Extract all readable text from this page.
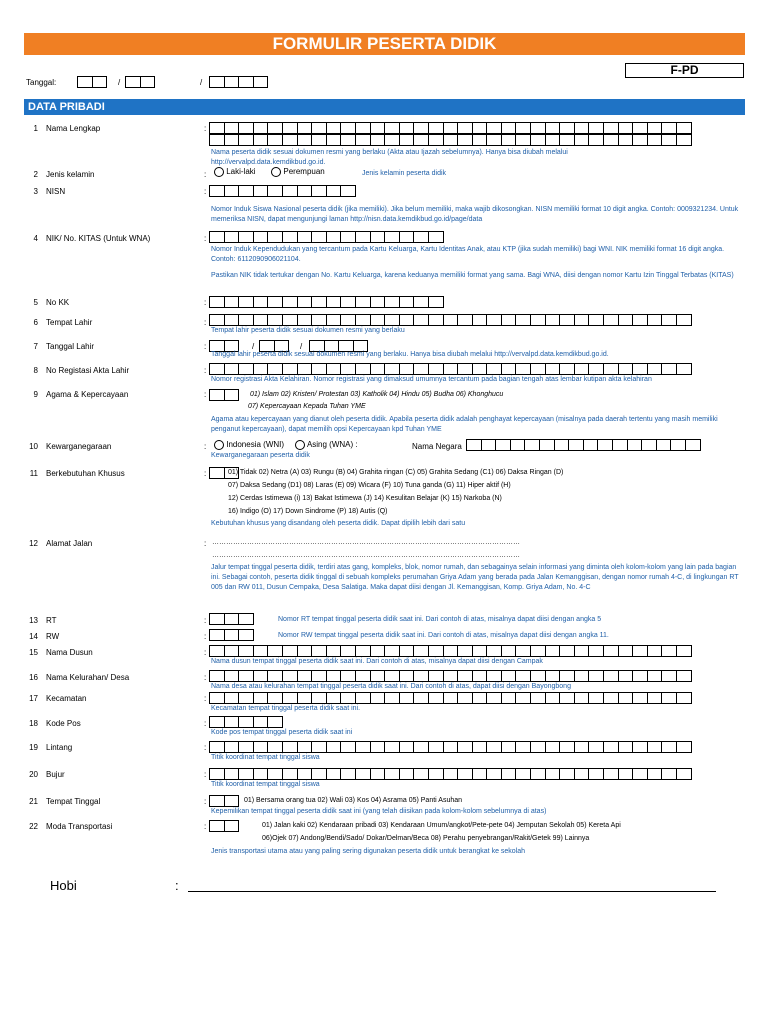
FORMULIR PESERTA DIDIK
F-PD
Tanggal:	/	/
DATA PRIBADI
1 Nama Lengkap	:
Nama peserta didik sesuai dokumen resmi yang berlaku (Akta atau Ijazah sebelumnya). Hanya bisa diubah melalui http://vervalpd.data.kemdikbud.go.id.
2 Jenis kelamin	:	Laki-laki	Perempuan	Jenis kelamin peserta didik
3 NISN	:
Nomor Induk Siswa Nasional peserta didik (jika memiliki). Jika belum memiliki, maka wajib dikosongkan. NISN memiliki format 10 digit angka. Contoh: 0009321234. Untuk memeriksa NISN, dapat mengunjungi laman http://nisn.data.kemdikbud.go.id/page/data
4 NIK/ No. KITAS (Untuk WNA)	:
Nomor Induk Kependudukan yang tercantum pada Kartu Keluarga, Kartu Identitas Anak, atau KTP (jika sudah memiliki) bagi WNI. NIK memiliki format 16 digit angka. Contoh: 6112090906021104.
Pastikan NIK tidak tertukar dengan No. Kartu Keluarga, karena keduanya memiliki format yang sama. Bagi WNA, diisi dengan nomor Kartu Izin Tinggal Terbatas (KITAS)
5 No KK	:
6 Tempat Lahir	:
Tempat lahir peserta didik sesuai dokumen resmi yang berlaku
7 Tanggal Lahir	:	/	/
Tanggal lahir peserta didik sesuai dokumen resmi yang berlaku. Hanya bisa diubah melalui http://vervalpd.data.kemdikbud.go.id.
8 No Registasi Akta Lahir	:
Nomor registrasi Akta Kelahiran. Nomor registrasi yang dimaksud umumnya tercantum pada bagian tengah atas lembar kutipan akta kelahiran
9 Agama & Kepercayaan	:	01) Islam 02) Kristen/ Protestan 03) Katholik 04) Hindu 05) Budha 06) Khonghucu
07) Kepercayaan Kepada Tuhan YME
Agama atau kepercayaan yang dianut oleh peserta didik. Apabila peserta didik adalah penghayat kepercayaan (misalnya pada daerah tertentu yang masih memiliki penganut kepercayaan), dapat memilih opsi Kepercayaan kpd Tuhan YME
10 Kewarganegaraan	:	Indonesia (WNI)	Asing (WNA) :	Nama Negara
Kewarganegaraan peserta didik
11 Berkebutuhan Khusus	:	01) Tidak 02) Netra (A) 03) Rungu (B) 04) Grahita ringan (C) 05) Grahita Sedang (C1) 06) Daksa Ringan (D)
07) Daksa Sedang (D1) 08) Laras (E) 09) Wicara (F) 10) Tuna ganda (G) 11) Hiper aktif (H)
12) Cerdas Istimewa (i) 13) Bakat Istimewa (J) 14) Kesulitan Belajar (K) 15) Narkoba (N)
16) Indigo (O) 17) Down Sindrome (P) 18) Autis (Q)
Kebutuhan khusus yang disandang oleh peserta didik. Dapat dipilih lebih dari satu
12 Alamat Jalan	: ……………………………………………………………………………………………………………………
……………………………………………………………………………………………………………………
Jalur tempat tinggal peserta didik, terdiri atas gang, kompleks, blok, nomor rumah, dan sebagainya selain informasi yang diminta oleh kolom-kolom yang lain pada bagian ini. Sebagai contoh, peserta didik tinggal di sebuah kompleks perumahan Griya Adam yang berada pada Jalan Kemanggisan, dengan nomor rumah 4-C, di lingkungan RT 005 dan RW 011, Dusun Cempaka, Desa Salatiga. Maka dapat diisi dengan Jl. Kemanggisan, Komp. Griya Adam, No. 4-C
13 RT	:	Nomor RT tempat tinggal peserta didik saat ini. Dari contoh di atas, misalnya dapat diisi dengan angka 5
14 RW	:	Nomor RW tempat tinggal peserta didik saat ini. Dari contoh di atas, misalnya dapat diisi dengan angka 11.
15 Nama Dusun	:
Nama dusun tempat tinggal peserta didik saat ini. Dari contoh di atas, misalnya dapat diisi dengan Campak
16 Nama Kelurahan/ Desa	:
Nama desa atau kelurahan tempat tinggal peserta didik saat ini. Dari contoh di atas, dapat diisi dengan Bayongbong
17 Kecamatan	:
Kecamatan tempat tinggal peserta didik saat ini.
18 Kode Pos	:
Kode pos tempat tinggal peserta didik saat ini
19 Lintang	:
Titik koordinat tempat tinggal siswa
20 Bujur	:
Titik koordinat tempat tinggal siswa
21 Tempat Tinggal	:	01) Bersama orang tua 02) Wali 03) Kos 04) Asrama 05) Panti Asuhan
Kepemilikan tempat tinggal peserta didik saat ini (yang telah diisikan pada kolom-kolom sebelumnya di atas)
22 Moda Transportasi	:	01) Jalan kaki 02) Kendaraan pribadi 03) Kendaraan Umum/angkot/Pete-pete 04) Jemputan Sekolah 05) Kereta Api
06)Ojek 07) Andong/Bendi/Sado/ Dokar/Delman/Beca 08) Perahu penyebrangan/Rakit/Getek 99) Lainnya
Jenis transportasi utama atau yang paling sering digunakan peserta didik untuk berangkat ke sekolah
Hobi	:
